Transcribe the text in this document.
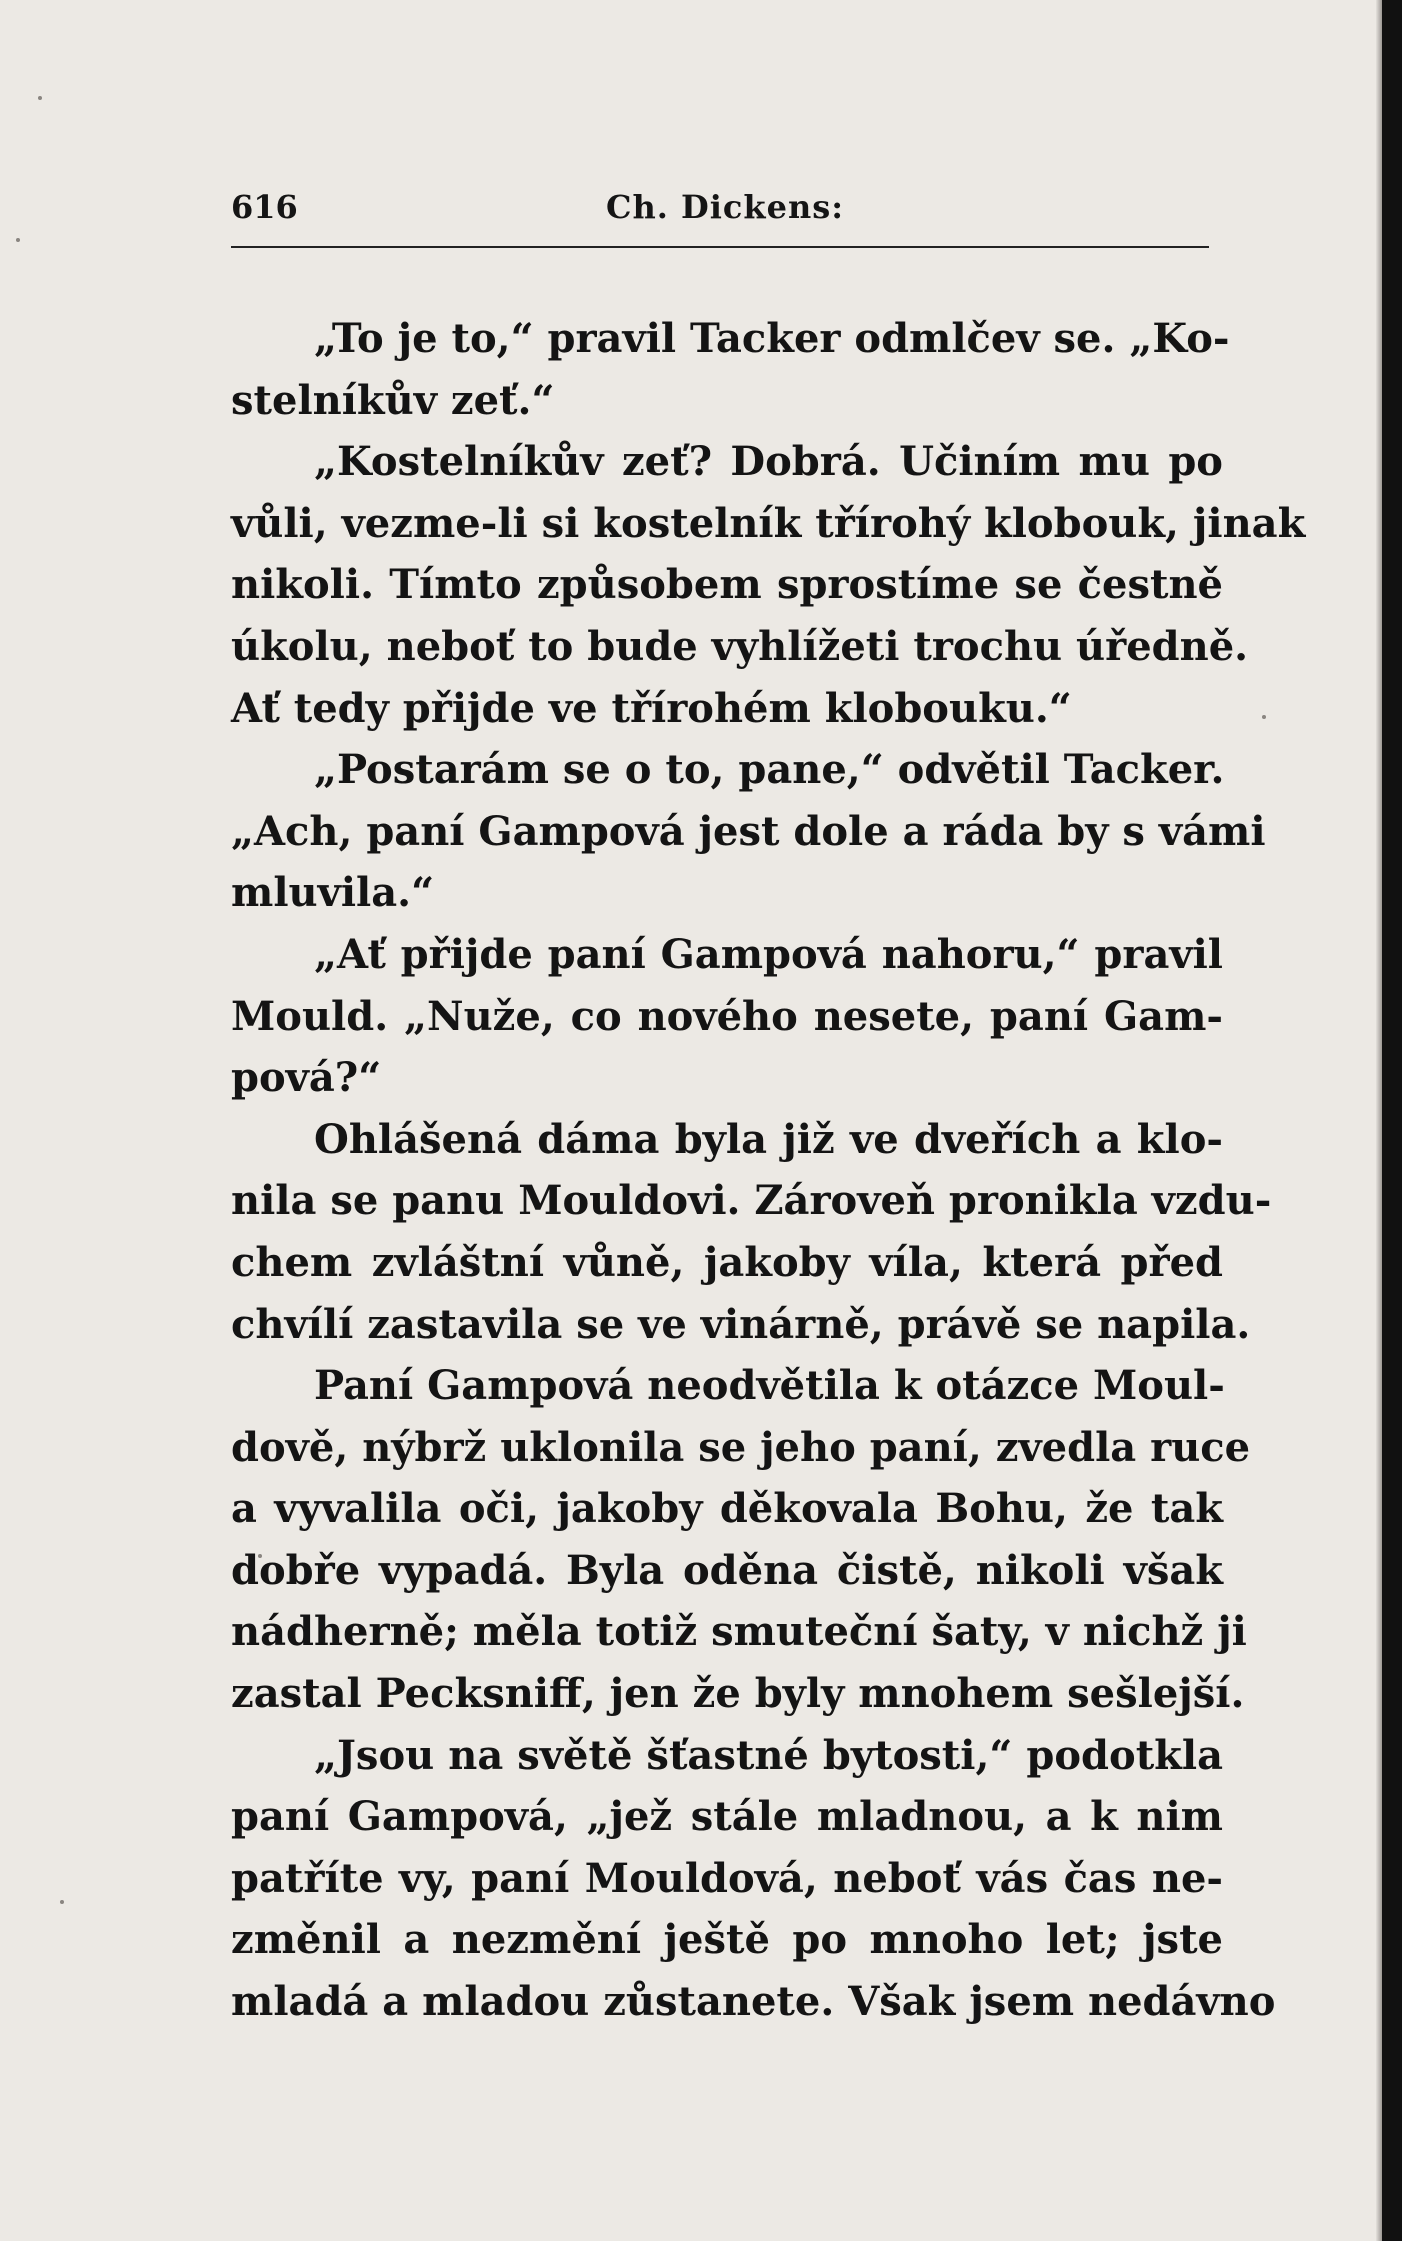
616	Ch. Dickens:
„To je to,“ pravil Tacker odmlčev se. „Ko-
stelníkův zeť.“
„Kostelníkův zeť? Dobrá. Učiním mu po
vůli, vezme-li si kostelník třírohý klobouk, jinak
nikoli. Tímto způsobem sprostíme se čestně
úkolu, neboť to bude vyhlížeti trochu úředně.
Ať tedy přijde ve třírohém klobouku.“
„Postarám se o to, pane,“ odvětil Tacker.
„Ach, paní Gampová jest dole a ráda by s vámi
mluvila.“
„Ať přijde paní Gampová nahoru,“ pravil
Mould. „Nuže, co nového nesete, paní Gam-
pová?“
Ohlášená dáma byla již ve dveřích a klo-
nila se panu Mouldovi. Zároveň pronikla vzdu-
chem zvláštní vůně, jakoby víla, která před
chvílí zastavila se ve vinárně, právě se napila.
Paní Gampová neodvětila k otázce Moul-
dově, nýbrž uklonila se jeho paní, zvedla ruce
a vyvalila oči, jakoby děkovala Bohu, že tak
dobře vypadá. Byla oděna čistě, nikoli však
nádherně; měla totiž smuteční šaty, v nichž ji
zastal Pecksniff, jen že byly mnohem sešlejší.
„Jsou na světě šťastné bytosti,“ podotkla
paní Gampová, „jež stále mladnou, a k nim
patříte vy, paní Mouldová, neboť vás čas ne-
změnil a nezmění ještě po mnoho let; jste
mladá a mladou zůstanete. Však jsem nedávno
